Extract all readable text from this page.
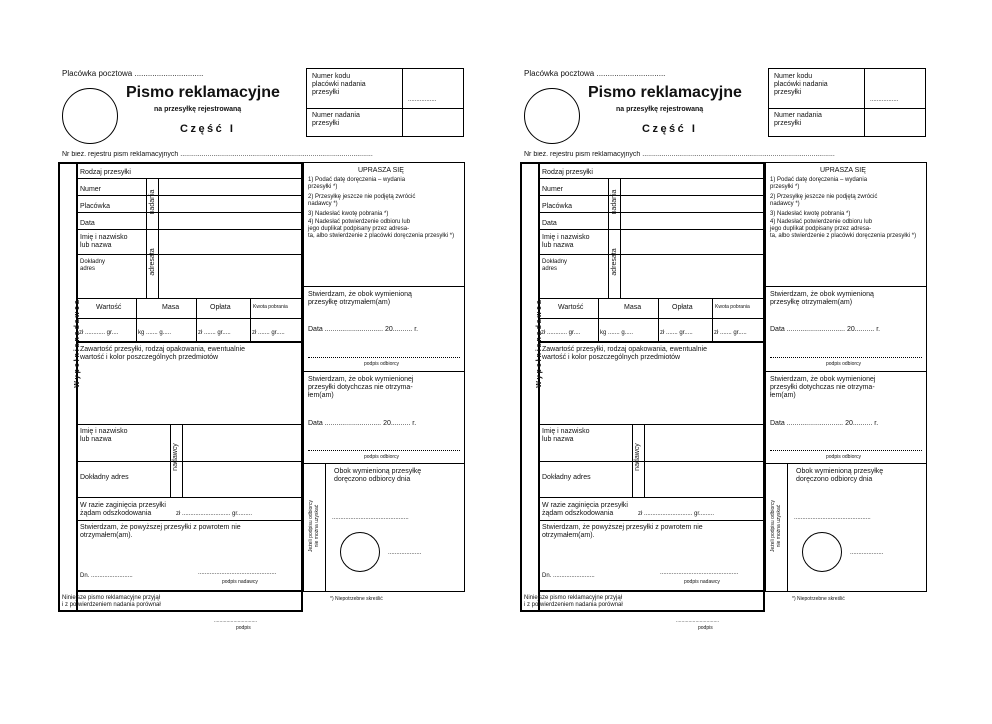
Placówka pocztowa ...............................
Pismo reklamacyjne
na przesyłkę rejestrowaną
Część I
Numer kodu
placówki nadania
przesyłki
.................
Numer nadania
przesyłki
Nr bież. rejestru pism reklamacyjnych ...................................................................................................
W y p e ł n i a n a d a w c a
nadania
adresata
Rodzaj przesyłki
Numer
Placówka
Data
Imię i nazwisko
lub nazwa
Dokładny
adres
Wartość	Masa	Opłata	Kwota pobrania
zł ............ gr....	kg ....... g.....	zł ....... gr.....	zł ....... gr.....
Zawartość przesyłki, rodzaj opakowania, ewentualnie
wartość i kolor poszczególnych przedmiotów
nadawcy
Imię i nazwisko
lub nazwa
Dokładny adres
W razie zaginięcia przesyłki
żądam odszkodowania	zł ............................. gr.........
Stwierdzam, że powyższej przesyłki z powrotem nie
otrzymałem(am).
Dn. .........................	...............................................
podpis nadawcy
UPRASZA SIĘ
1) Podać datę doręczenia – wydania
przesyłki *)
2) Przesyłkę jeszcze nie podjętą zwrócić
nadawcy *)
3) Nadesłać kwotę pobrania *)
4) Nadesłać potwierdzenie odbioru lub
jego duplikat podpisany przez adresa-
ta, albo stwierdzenie z placówki doręczenia przesyłki *)
Stwierdzam, że obok wymienioną
przesyłkę otrzymałem(am)
Data .............................. 20.......... r.
podpis odbiorcy
Stwierdzam, że obok wymienionej
przesyłki dotychczas nie otrzyma-
łem(am)
Data ............................. 20.......... r.
podpis odbiorcy
Jeżeli podpisu odbiorcy
nie można uzyskać
Obok wymienioną przesyłkę
doręczono odbiorcy dnia
..............................................
....................
*) Niepotrzebne skreślić
Niniejsze pismo reklamacyjne przyjął
i z potwierdzeniem nadania porównał
...............................
podpis
Placówka pocztowa ...............................
Pismo reklamacyjne
na przesyłkę rejestrowaną
Część I
Numer kodu
placówki nadania
przesyłki
.................
Numer nadania
przesyłki
Nr bież. rejestru pism reklamacyjnych ...................................................................................................
W y p e ł n i a n a d a w c a
nadania
adresata
Rodzaj przesyłki
Numer
Placówka
Data
Imię i nazwisko
lub nazwa
Dokładny
adres
Wartość	Masa	Opłata	Kwota pobrania
zł ............ gr....	kg ....... g.....	zł ....... gr.....	zł ....... gr.....
Zawartość przesyłki, rodzaj opakowania, ewentualnie
wartość i kolor poszczególnych przedmiotów
nadawcy
Imię i nazwisko
lub nazwa
Dokładny adres
W razie zaginięcia przesyłki
żądam odszkodowania	zł ............................. gr.........
Stwierdzam, że powyższej przesyłki z powrotem nie
otrzymałem(am).
Dn. .........................	...............................................
podpis nadawcy
UPRASZA SIĘ
1) Podać datę doręczenia – wydania
przesyłki *)
2) Przesyłkę jeszcze nie podjętą zwrócić
nadawcy *)
3) Nadesłać kwotę pobrania *)
4) Nadesłać potwierdzenie odbioru lub
jego duplikat podpisany przez adresa-
ta, albo stwierdzenie z placówki doręczenia przesyłki *)
Stwierdzam, że obok wymienioną
przesyłkę otrzymałem(am)
Data .............................. 20.......... r.
podpis odbiorcy
Stwierdzam, że obok wymienionej
przesyłki dotychczas nie otrzyma-
łem(am)
Data ............................. 20.......... r.
podpis odbiorcy
Jeżeli podpisu odbiorcy
nie można uzyskać
Obok wymienioną przesyłkę
doręczono odbiorcy dnia
..............................................
....................
*) Niepotrzebne skreślić
Niniejsze pismo reklamacyjne przyjął
i z potwierdzeniem nadania porównał
...............................
podpis
